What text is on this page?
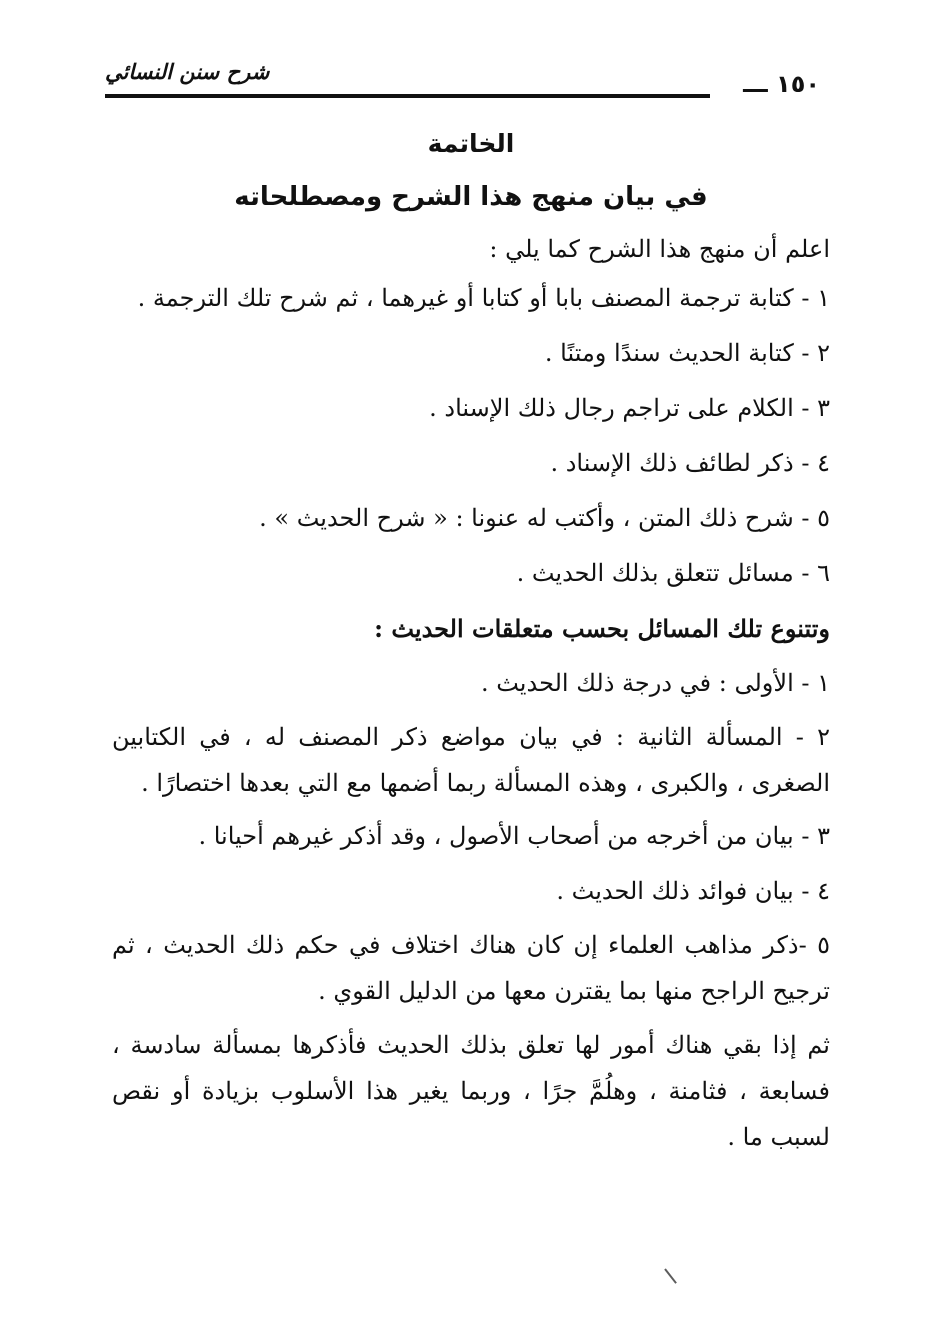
شرح سنن النسائي	١٥٠ ـــ
الخاتمة
في بيان منهج هذا الشرح ومصطلحاته

اعلم أن منهج هذا الشرح كما يلي :

١ - كتابة ترجمة المصنف بابا أو كتابا أو غيرهما ، ثم شرح تلك الترجمة .

٢ - كتابة الحديث سندًا ومتنًا .

٣ - الكلام على تراجم رجال ذلك الإسناد .

٤ - ذكر لطائف ذلك الإسناد .

٥ - شرح ذلك المتن ، وأكتب له عنونا : « شرح الحديث » .

٦ - مسائل تتعلق بذلك الحديث .

وتتنوع تلك المسائل بحسب متعلقات الحديث :

١ - الأولى : في درجة ذلك الحديث .

٢ - المسألة الثانية : في بيان مواضع ذكر المصنف له ، في الكتابين الصغرى ، والكبرى ، وهذه المسألة ربما أضمها مع التي بعدها اختصارًا .

٣ - بيان من أخرجه من أصحاب الأصول ، وقد أذكر غيرهم أحيانا .

٤ - بيان فوائد ذلك الحديث .

٥ -ذكر مذاهب العلماء إن كان هناك اختلاف في حكم ذلك الحديث ، ثم ترجيح الراجح منها بما يقترن معها من الدليل القوي .

ثم إذا بقي هناك أمور لها تعلق بذلك الحديث فأذكرها بمسألة سادسة ، فسابعة ، فثامنة ، وهلُمَّ جرًا ، وربما يغير هذا الأسلوب بزيادة أو نقص لسبب ما .
